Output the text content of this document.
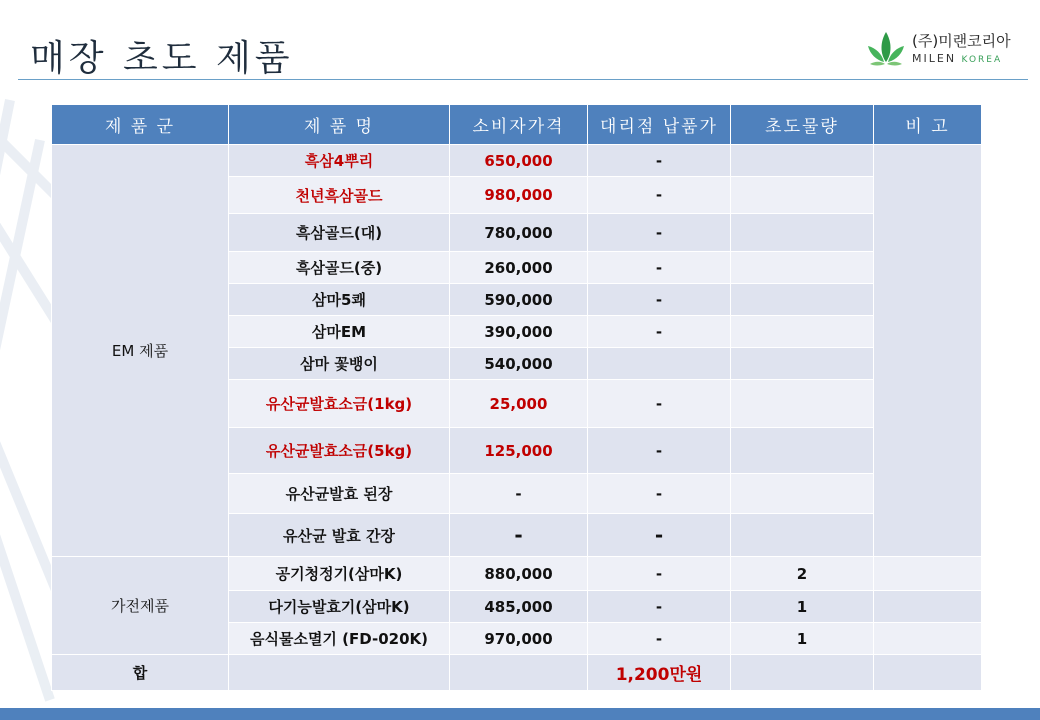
매장 초도 제품	(주)미랜코리아
MILEN KOREA
제 품 군	제 품 명	소비자가격	대리점 납품가	초도물량	비 고
EM 제품	흑삼4뿌리	650,000	-		
	천년흑삼골드	980,000	-		
	흑삼골드(대)	780,000	-		
	흑삼골드(중)	260,000	-		
	삼마5쾌	590,000	-		
	삼마EM	390,000	-		
	삼마 꽃뱅이	540,000			
	유산균발효소금(1kg)	25,000	-		
	유산균발효소금(5kg)	125,000	-		
	유산균발효 된장	-	-		
	유산균 발효 간장	-	-		
가전제품	공기청정기(삼마K)	880,000	-	2	
	다기능발효기(삼마K)	485,000	-	1	
	음식물소멸기 (FD-020K)	970,000	-	1	
합			1,200만원		
